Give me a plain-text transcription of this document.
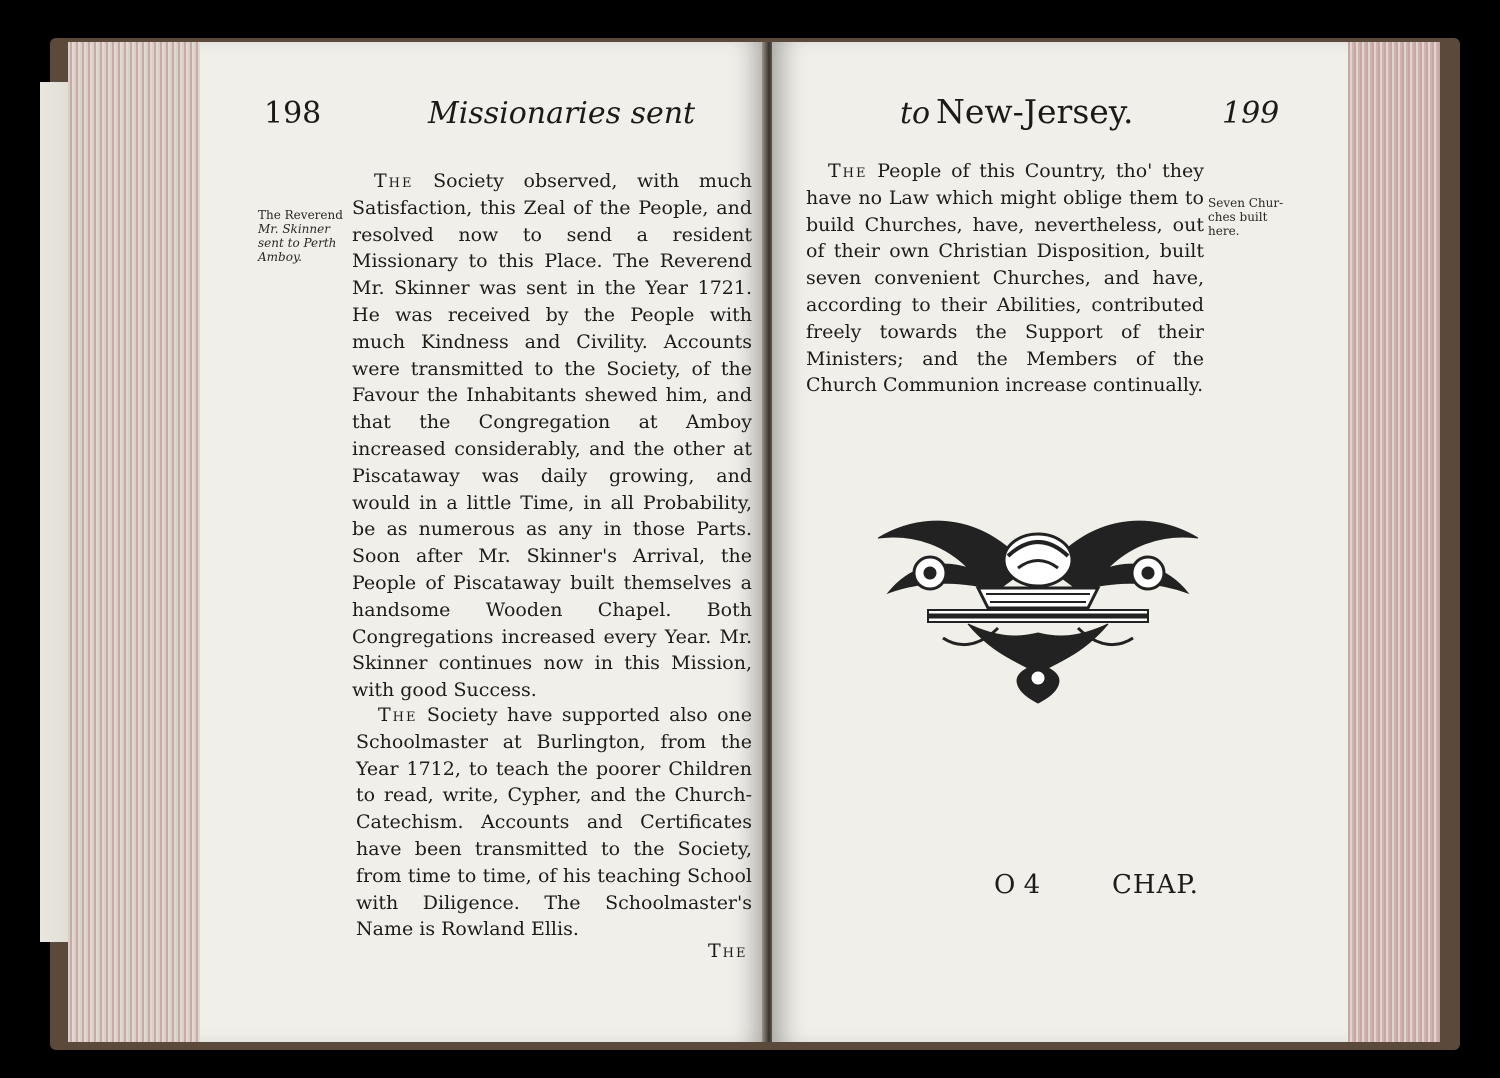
198	Missionaries sent
The Reverend
Mr. Skinner
sent to Perth
Amboy.

The Society observed, with much Satisfaction, this Zeal of the People, and resolved now to send a resident Missionary to this Place. The Reverend Mr. Skinner was sent in the Year 1721. He was received by the People with much Kindness and Civility. Accounts were transmitted to the Society, of the Favour the Inhabitants shewed him, and that the Congregation at Amboy increased considerably, and the other at Piscataway was daily growing, and would in a little Time, in all Probability, be as numerous as any in those Parts. Soon after Mr. Skinner's Arrival, the People of Piscataway built themselves a handsome Wooden Chapel. Both Congregations increased every Year. Mr. Skinner continues now in this Mission, with good Success.

The Society have supported also one Schoolmaster at Burlington, from the Year 1712, to teach the poorer Children to read, write, Cypher, and the Church-Catechism. Accounts and Certificates have been transmitted to the Society, from time to time, of his teaching School with Diligence. The Schoolmaster's Name is Rowland Ellis.

The
to New-Jersey.	199

The People of this Country, tho' they have no Law which might oblige them to build Churches, have, nevertheless, out of their own Christian Disposition, built seven convenient Churches, and have, according to their Abilities, contributed freely towards the Support of their Ministers; and the Members of the Church Communion increase continually.

Seven Chur-
ches built
here.
O 4	CHAP.
